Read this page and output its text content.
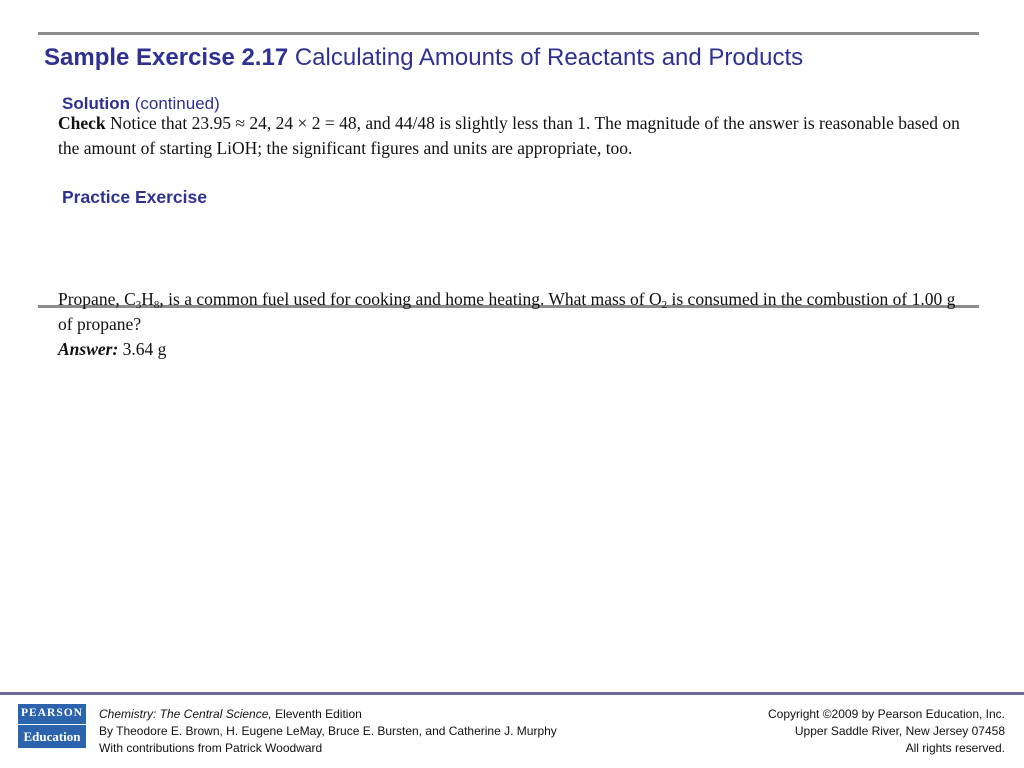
Sample Exercise 2.17 Calculating Amounts of Reactants and Products
Solution (continued)
Check Notice that 23.95 ≈ 24, 24 × 2 = 48, and 44/48 is slightly less than 1. The magnitude of the answer is reasonable based on the amount of starting LiOH; the significant figures and units are appropriate, too.
Practice Exercise
Propane, $C_3H_8$, is a common fuel used for cooking and home heating. What mass of $O_2$ is consumed in the combustion of 1.00 g of propane?
Answer: 3.64 g
PEARSON
Education
Chemistry: The Central Science, Eleventh Edition
By Theodore E. Brown, H. Eugene LeMay, Bruce E. Bursten, and Catherine J. Murphy
With contributions from Patrick Woodward
Copyright ©2009 by Pearson Education, Inc.
Upper Saddle River, New Jersey 07458
All rights reserved.
